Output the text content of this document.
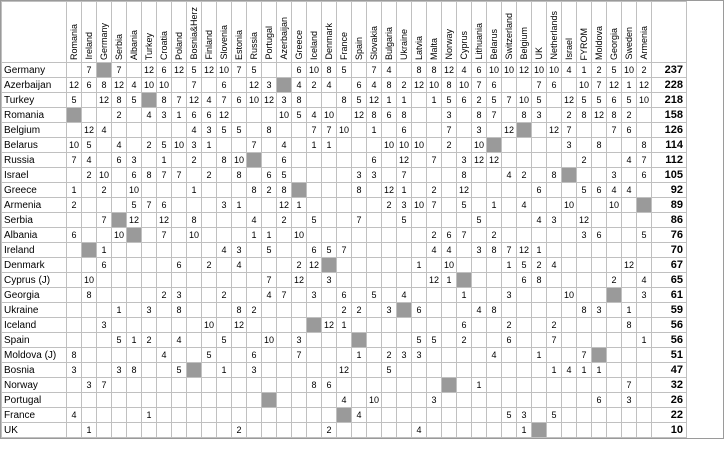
	Romania	Ireland	Germany	Serbia	Albania	Turkey	Croatia	Poland	Bosnia&Herz	Finland	Slovenia	Estonia	Russia	Portugal	Azerbaijan	Greece	Iceland	Denmark	France	Spain	Slovakia	Bulgaria	Ukraine	Latvia	Malta	Norway	Cyprus	Lithuania	Belarus	Switzerland	Belgium	UK	Netherlands	Israel	FYROM	Moldova	Georgia	Sweden	Armenia	

Germany		7		7		12	6	12	5	12	10	7	5			6	10	8	5		7	4		8	8	12	4	6	10	10	12	10	10	4	1	2	5	10	2	237
Azerbaijan	12	6	8	12	4	10	10		7		6		12	3		4	2	4		6	4	8	2	12	10	8	10	7	6			7	6		10	7	12	1	12	228
Turkey	5		12	8	5		8	7	12	4	7	6	10	12	3	8			8	5	12	1	1		1	5	6	2	5	7	10	5		12	5	5	6	5	10	218
Romania				2		4	3	1	6	6	12				10	5	4	10		12	8	6	8			3		8	7		8	3		2	8	12	8	2		158
Belgium		12	4						4	3	5	5		8			7	7	10		1		6			7		3		12			12	7			7	6		126
Belarus	10	5		4		2	5	10	3	1			7		4		1	1				10	10	10		2		10						3		8			8	114
Russia	7	4		6	3		1		2		8	10			6						6		12		7		3	12	12						2			4	7	112
Israel		2	10		6	8	7	7		2		8		6	5					3	3		7				8			4	2		8				3		6	105
Greece	1		2		10				1				8	2	8					8		12	1		2		12					6			5	6	4	4		92
Armenia	2				5	7	6				3	1			12	1						2	3	10	7		5		1		4			10			10			89
Serbia			7		12		12		8				4		2		5			7			5					5				4	3		12					86
Albania	6			10			7		10				1	1		10									2	6	7		2						3	6			5	76
Ireland			1								4	3		5			6	5	7						4	4		3	8	7	12	1								70
Denmark			6					6		2		4				2	12							1		10				1	5	2	4					12		67
Cyprus (J)		10												7		12		3							12	1					6	8					2		4	65
Georgia		8					2	3			2			4	7		3		6		5		4				1			3				10					3	61
Ukraine				1		3		8				8	2						2	2		3		6				4	8						8	3		1		59
Iceland			3							10		12						12	1								6			2			2					8		56
Spain				5	1	2		4			5			10		3								5	5		2			6			7						1	56
Moldova (J)	8						4			5			6			7				1		2	3	3					4			1			7					51
Bosnia	3			3	8			5			1		3						12			5											1	4	1	1				47
Norway		3	7														8	6										1										7		32
Portugal																			4		10				3											6		3		26
France	4					1														4										5	3		5							22
UK		1										2						2						4							1									10
